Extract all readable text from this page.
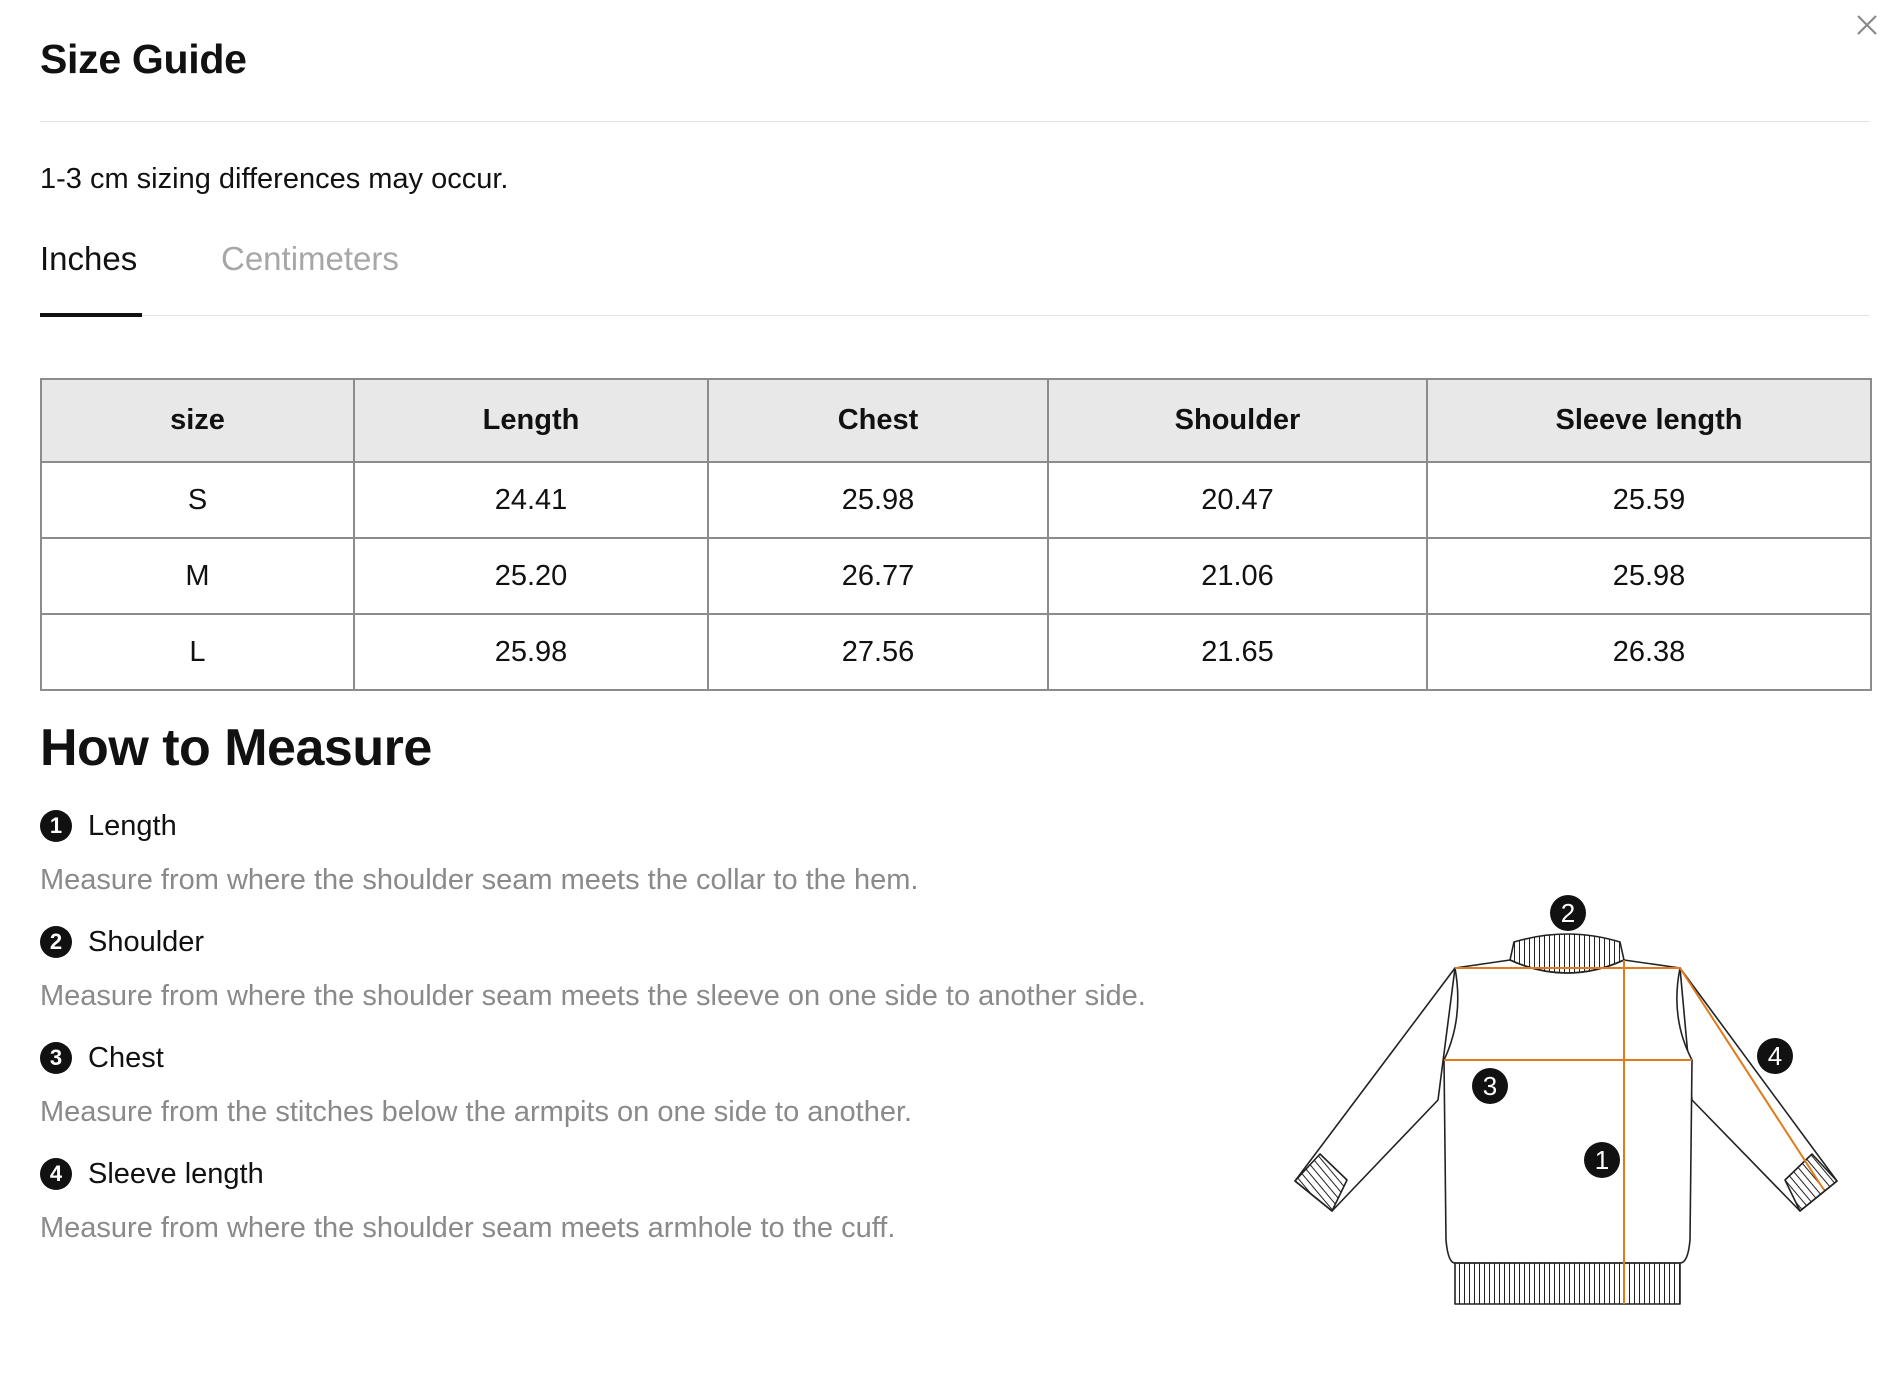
Size Guide
1-3 cm sizing differences may occur.
Inches	Centimeters
size	Length	Chest	Shoulder	Sleeve length
S	24.41	25.98	20.47	25.59
M	25.20	26.77	21.06	25.98
L	25.98	27.56	21.65	26.38
How to Measure
1 Length
Measure from where the shoulder seam meets the collar to the hem.
2 Shoulder
Measure from where the shoulder seam meets the sleeve on one side to another side.
3 Chest
Measure from the stitches below the armpits on one side to another.
4 Sleeve length
Measure from where the shoulder seam meets armhole to the cuff.
1
2
3
4
